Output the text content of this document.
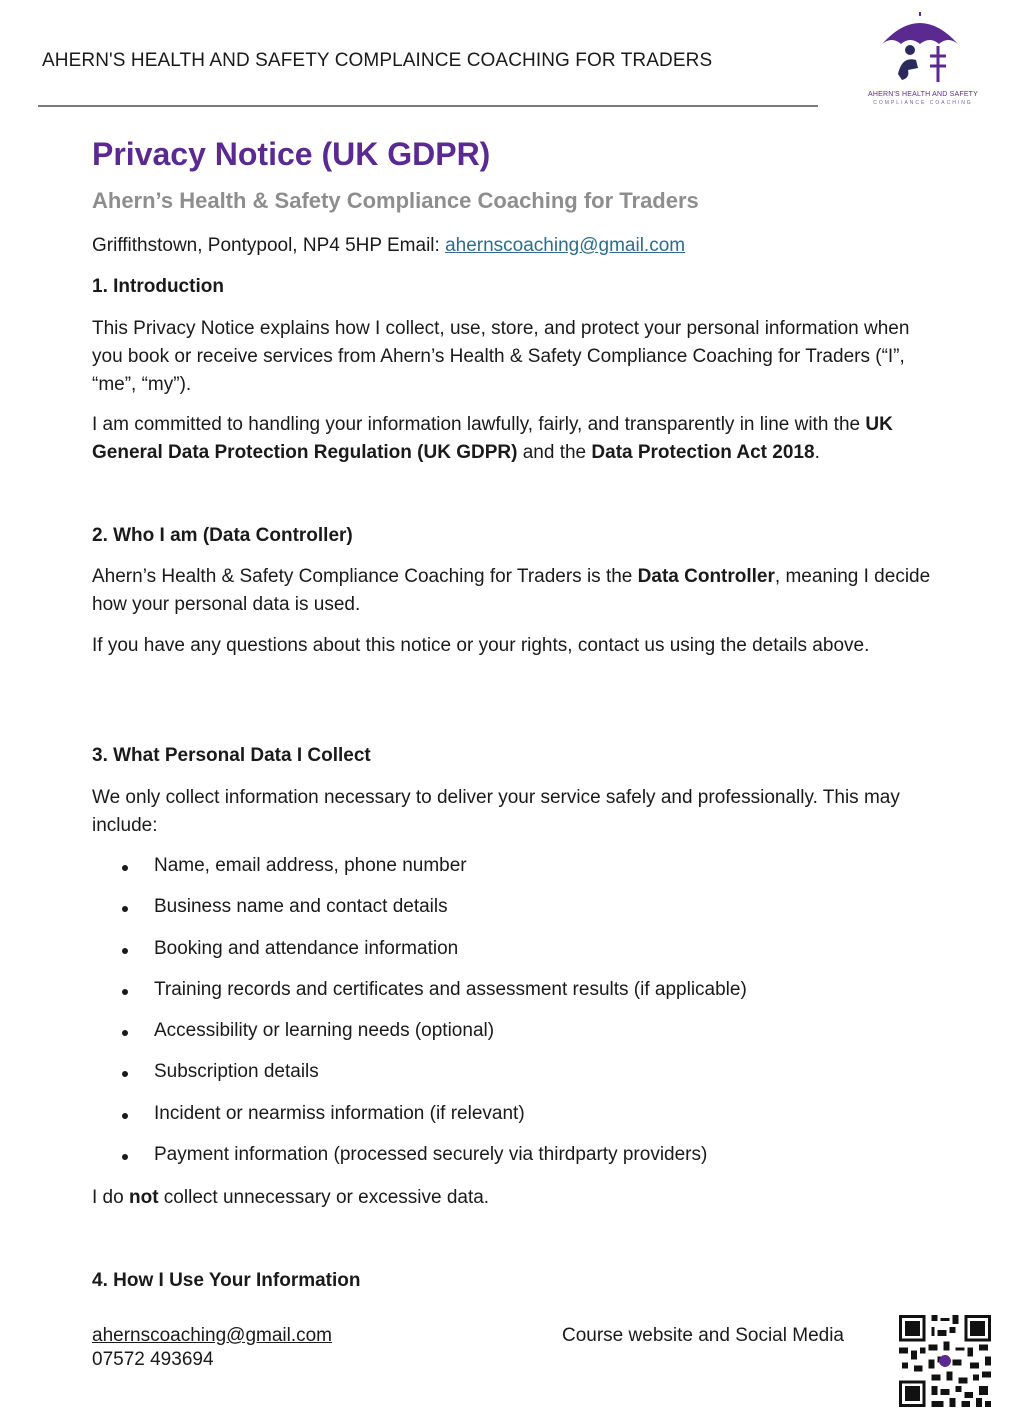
AHERN'S HEALTH AND SAFETY COMPLAINCE COACHING FOR TRADERS
AHERN'S HEALTH AND SAFETY
COMPLIANCE COACHING
Privacy Notice (UK GDPR)
Ahern’s Health & Safety Compliance Coaching for Traders
Griffithstown, Pontypool, NP4 5HP Email: ahernscoaching@gmail.com
1. Introduction

This Privacy Notice explains how I collect, use, store, and protect your personal information when you book or receive services from Ahern’s Health & Safety Compliance Coaching for Traders (“I”, “me”, “my”).

I am committed to handling your information lawfully, fairly, and transparently in line with the UK General Data Protection Regulation (UK GDPR) and the Data Protection Act 2018.

2. Who I am (Data Controller)

Ahern’s Health & Safety Compliance Coaching for Traders is the Data Controller, meaning I decide how your personal data is used.

If you have any questions about this notice or your rights, contact us using the details above.

3. What Personal Data I Collect

We only collect information necessary to deliver your service safely and professionally. This may include:

Name, email address, phone number
Business name and contact details
Booking and attendance information
Training records and certificates and assessment results (if applicable)
Accessibility or learning needs (optional)
Subscription details
Incident or nearmiss information (if relevant)
Payment information (processed securely via thirdparty providers)

I do not collect unnecessary or excessive data.

4. How I Use Your Information
ahernscoaching@gmail.com
07572 493694
Course website and Social Media
